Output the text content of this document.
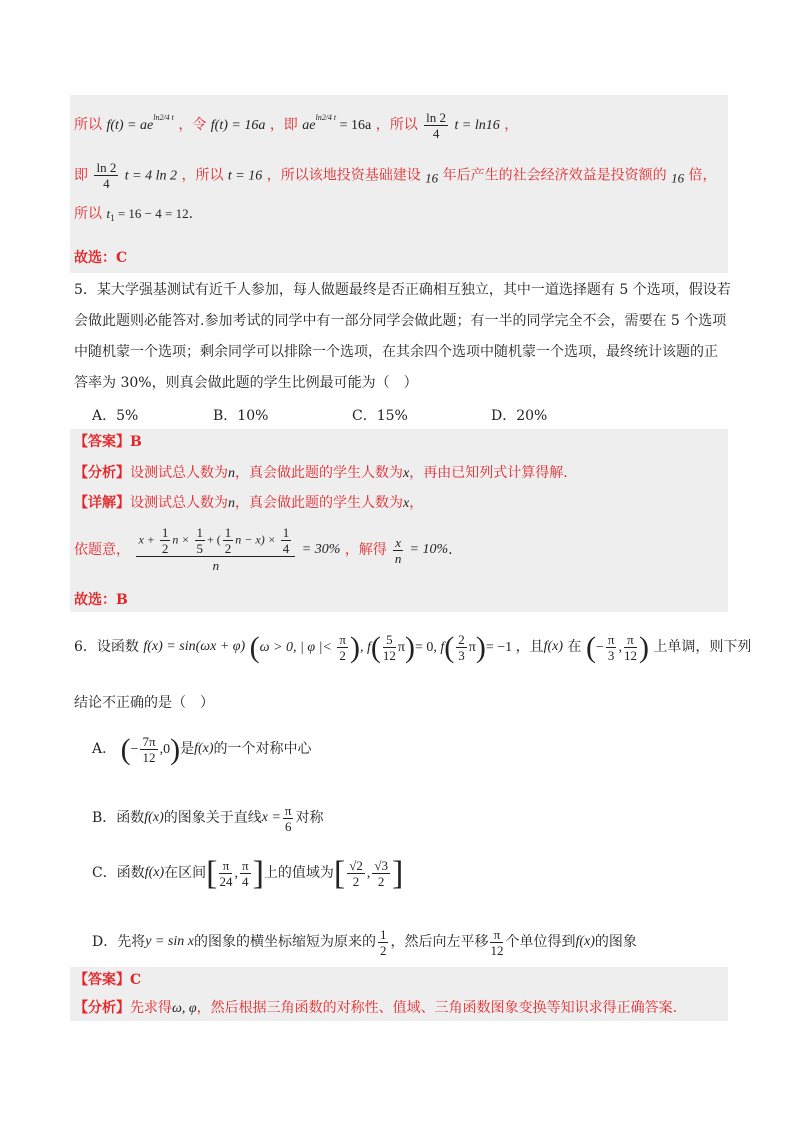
所以 $f(t) = ae^{ln2/4 t}$ ，令 f(t) = 16a ，即 $ae^{ln2/4 t} = 16a$ ，所以 $\frac{\ln 2}{4}$ t = ln16 ，
即 $\frac{\ln 2}{4}$ t = 4 ln 2 ，所以 t = 16 ，所以该地投资基础建设 16 年后产生的社会经济效益是投资额的 16 倍，
所以 $t_1 = 16 - 4 = 12$.
故选：C
5．某大学强基测试有近千人参加，每人做题最终是否正确相互独立，其中一道选择题有 5 个选项，假设若
会做此题则必能答对.参加考试的同学中有一部分同学会做此题；有一半的同学完全不会，需要在 5 个选项
中随机蒙一个选项；剩余同学可以排除一个选项，在其余四个选项中随机蒙一个选项，最终统计该题的正
答率为 30%，则真会做此题的学生比例最可能为（　）
A．5%	B．10%	C．15%	D．20%
【答案】B
【分析】设测试总人数为n，真会做此题的学生人数为x，再由已知列式计算得解.
【详解】设测试总人数为n，真会做此题的学生人数为x，
依题意， $\frac{x + \frac{1}{2} n \times \frac{1}{5} + ( \frac{1}{2} n - x) \times \frac{1}{4}}{n} = 30\%$ ，解得 $\frac{x}{n} = 10\%$.
故选：B
6．设函数 f(x) = sin(ωx + φ) (ω > 0, | φ |< $\frac{\pi}{2}$ ), $f( \frac{5}{12} \pi)= 0$, $f( \frac{2}{3} \pi)= -1$ ，且f(x) 在 (− $\frac{\pi}{3}$ , $\frac{\pi}{12}$ ) 上单调，则下列
结论不正确的是（　）
A． (− $\frac{7\pi}{12} ,0$)是f(x)的一个对称中心
B．函数f(x)的图象关于直线$x = \frac{\pi}{6}$ 对称
C．函数f(x)在区间[ $\frac{\pi}{24}$ , $\frac{\pi}{4}$ ]上的值域为[ $\frac{√2}{2}$ , $\frac{√3}{2}$ ]
D．先将y = sin x的图象的横坐标缩短为原来的 $\frac{1}{2}$ ，然后向左平移 $\frac{\pi}{12}$ 个单位得到f(x)的图象
【答案】C
【分析】先求得ω, φ，然后根据三角函数的对称性、值域、三角函数图象变换等知识求得正确答案.
